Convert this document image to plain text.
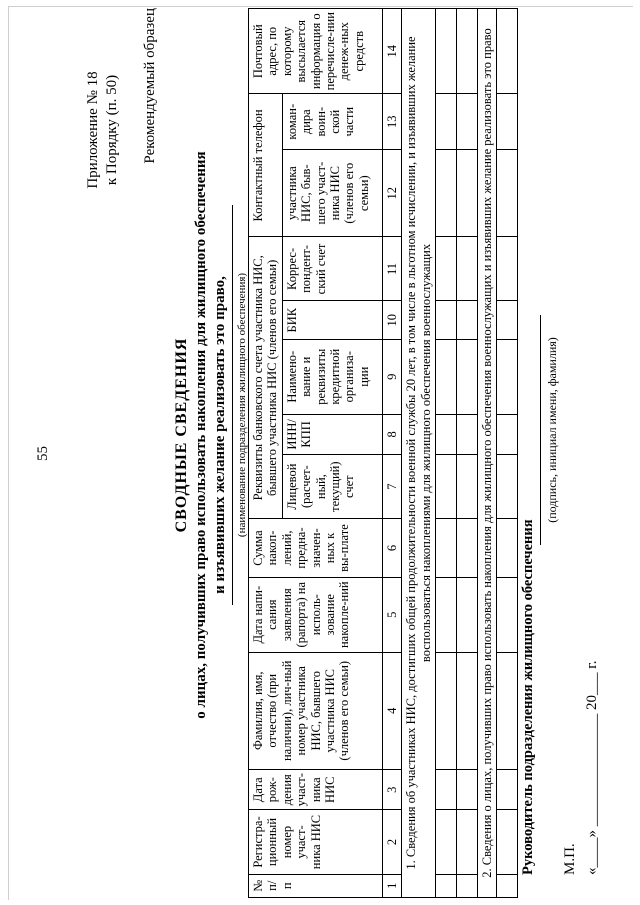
55
Приложение № 18 к Порядку (п. 50) Рекомендуемый образец
СВОДНЫЕ СВЕДЕНИЯ о лицах, получивших право использовать накопления для жилищного обеспечения и изъявивших желание реализовать это право, (наименование подразделения жилищного обеспечения)
№ п/п	Регистра-ционный номер участ-ника НИС	Дата рож-дения участ-ника НИС	Фамилия, имя, отчество (при наличии), лич-ный номер участника НИС, бывшего участника НИС (членов его семьи)	Дата напи-сания заявления (рапорта) на исполь-зование накопле-ний	Сумма накоп-лений, предна-значен-ных к вы-плате	Реквизиты банковского счета участника НИС, бывшего участника НИС (членов его семьи)					Контактный телефон		Почтовый адрес, по которому высылается информация о перечисле-нии денеж-ных средств
						Лицевой (расчет-ный, текущий) счет	ИНН/ КПП	Наимено-вание и реквизиты кредитной организа-ции	БИК	Коррес-пондент-ский счет	участника НИС, быв-шего участ-ника НИС (членов его семьи)	коман-дира воин-ской части	
1	2	3	4	5	6	7	8	9	10	11	12	13	14
1. Сведения об участниках НИС, достигших общей продолжительности военной службы 20 лет, в том числе в льготном исчислении, и изъявивших желание воспользоваться накоплениями для жилищного обеспечения военнослужащих													

2. Сведения о лицах, получивших право использовать накопления для жилищного обеспечения военнослужащих и изъявивших желание реализовать это право													
													Руководитель подразделения жилищного обеспечения
(подпись, инициал имени, фамилия)
М.П. «____» _______________ 20___ г.
